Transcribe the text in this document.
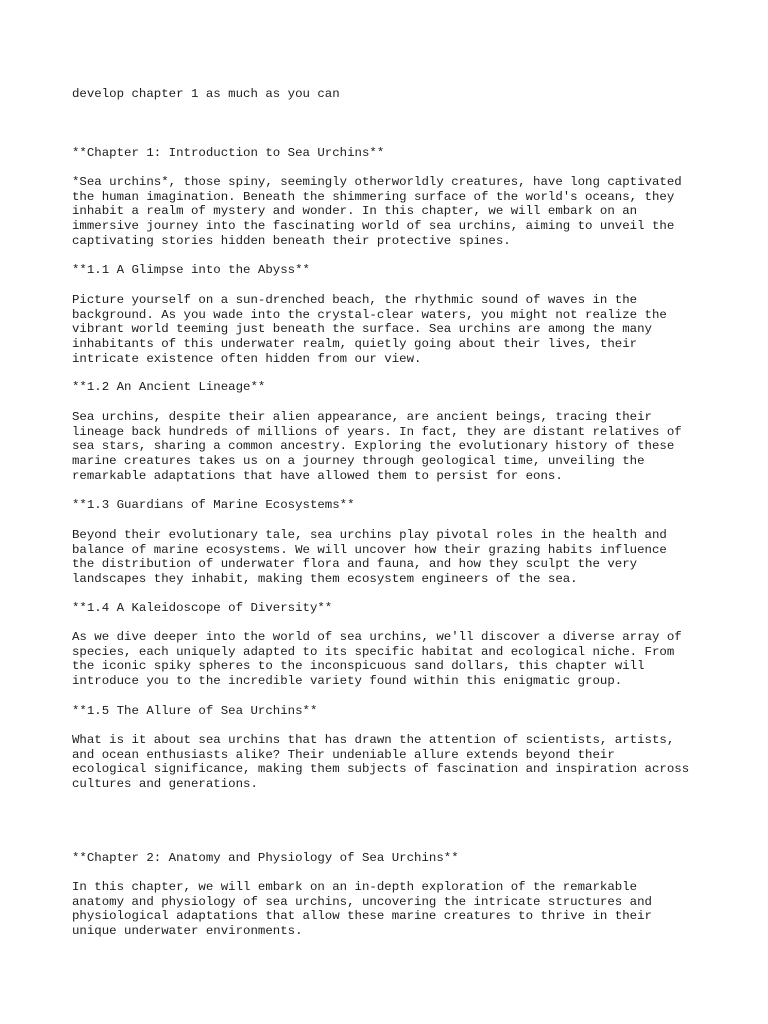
develop chapter 1 as much as you can

**Chapter 1: Introduction to Sea Urchins**

*Sea urchins*, those spiny, seemingly otherworldly creatures, have long captivated
the human imagination. Beneath the shimmering surface of the world's oceans, they
inhabit a realm of mystery and wonder. In this chapter, we will embark on an
immersive journey into the fascinating world of sea urchins, aiming to unveil the
captivating stories hidden beneath their protective spines.

**1.1 A Glimpse into the Abyss**

Picture yourself on a sun-drenched beach, the rhythmic sound of waves in the
background. As you wade into the crystal-clear waters, you might not realize the
vibrant world teeming just beneath the surface. Sea urchins are among the many
inhabitants of this underwater realm, quietly going about their lives, their
intricate existence often hidden from our view.

**1.2 An Ancient Lineage**

Sea urchins, despite their alien appearance, are ancient beings, tracing their
lineage back hundreds of millions of years. In fact, they are distant relatives of
sea stars, sharing a common ancestry. Exploring the evolutionary history of these
marine creatures takes us on a journey through geological time, unveiling the
remarkable adaptations that have allowed them to persist for eons.

**1.3 Guardians of Marine Ecosystems**

Beyond their evolutionary tale, sea urchins play pivotal roles in the health and
balance of marine ecosystems. We will uncover how their grazing habits influence
the distribution of underwater flora and fauna, and how they sculpt the very
landscapes they inhabit, making them ecosystem engineers of the sea.

**1.4 A Kaleidoscope of Diversity**

As we dive deeper into the world of sea urchins, we'll discover a diverse array of
species, each uniquely adapted to its specific habitat and ecological niche. From
the iconic spiky spheres to the inconspicuous sand dollars, this chapter will
introduce you to the incredible variety found within this enigmatic group.

**1.5 The Allure of Sea Urchins**

What is it about sea urchins that has drawn the attention of scientists, artists,
and ocean enthusiasts alike? Their undeniable allure extends beyond their
ecological significance, making them subjects of fascination and inspiration across
cultures and generations.

**Chapter 2: Anatomy and Physiology of Sea Urchins**

In this chapter, we will embark on an in-depth exploration of the remarkable
anatomy and physiology of sea urchins, uncovering the intricate structures and
physiological adaptations that allow these marine creatures to thrive in their
unique underwater environments.
